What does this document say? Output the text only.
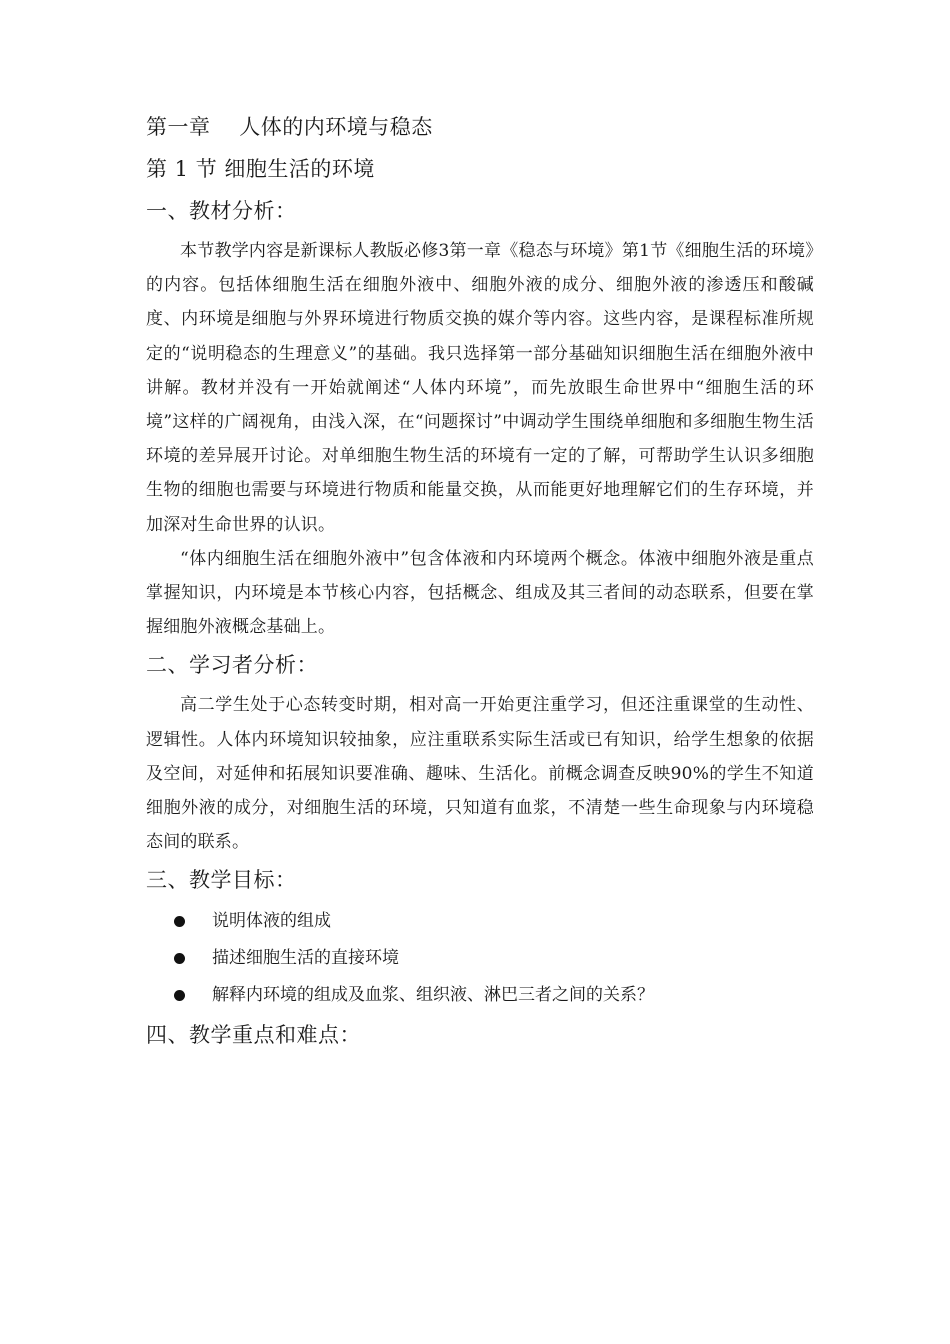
第一章    人体的内环境与稳态
第 1 节 细胞生活的环境
一、教材分析：

本节教学内容是新课标人教版必修3第一章《稳态与环境》第1节《细胞生活的环境》的内容。包括体细胞生活在细胞外液中、细胞外液的成分、细胞外液的渗透压和酸碱度、内环境是细胞与外界环境进行物质交换的媒介等内容。这些内容，是课程标准所规定的“说明稳态的生理意义”的基础。我只选择第一部分基础知识细胞生活在细胞外液中讲解。教材并没有一开始就阐述“人体内环境”，而先放眼生命世界中“细胞生活的环境”这样的广阔视角，由浅入深，在“问题探讨”中调动学生围绕单细胞和多细胞生物生活环境的差异展开讨论。对单细胞生物生活的环境有一定的了解，可帮助学生认识多细胞生物的细胞也需要与环境进行物质和能量交换，从而能更好地理解它们的生存环境，并加深对生命世界的认识。

“体内细胞生活在细胞外液中”包含体液和内环境两个概念。体液中细胞外液是重点掌握知识，内环境是本节核心内容，包括概念、组成及其三者间的动态联系，但要在掌握细胞外液概念基础上。

二、学习者分析：

高二学生处于心态转变时期，相对高一开始更注重学习，但还注重课堂的生动性、逻辑性。人体内环境知识较抽象，应注重联系实际生活或已有知识，给学生想象的依据及空间，对延伸和拓展知识要准确、趣味、生活化。前概念调查反映90%的学生不知道细胞外液的成分，对细胞生活的环境，只知道有血浆，不清楚一些生命现象与内环境稳态间的联系。

三、教学目标：
说明体液的组成
描述细胞生活的直接环境
解释内环境的组成及血浆、组织液、淋巴三者之间的关系？
四、教学重点和难点：
